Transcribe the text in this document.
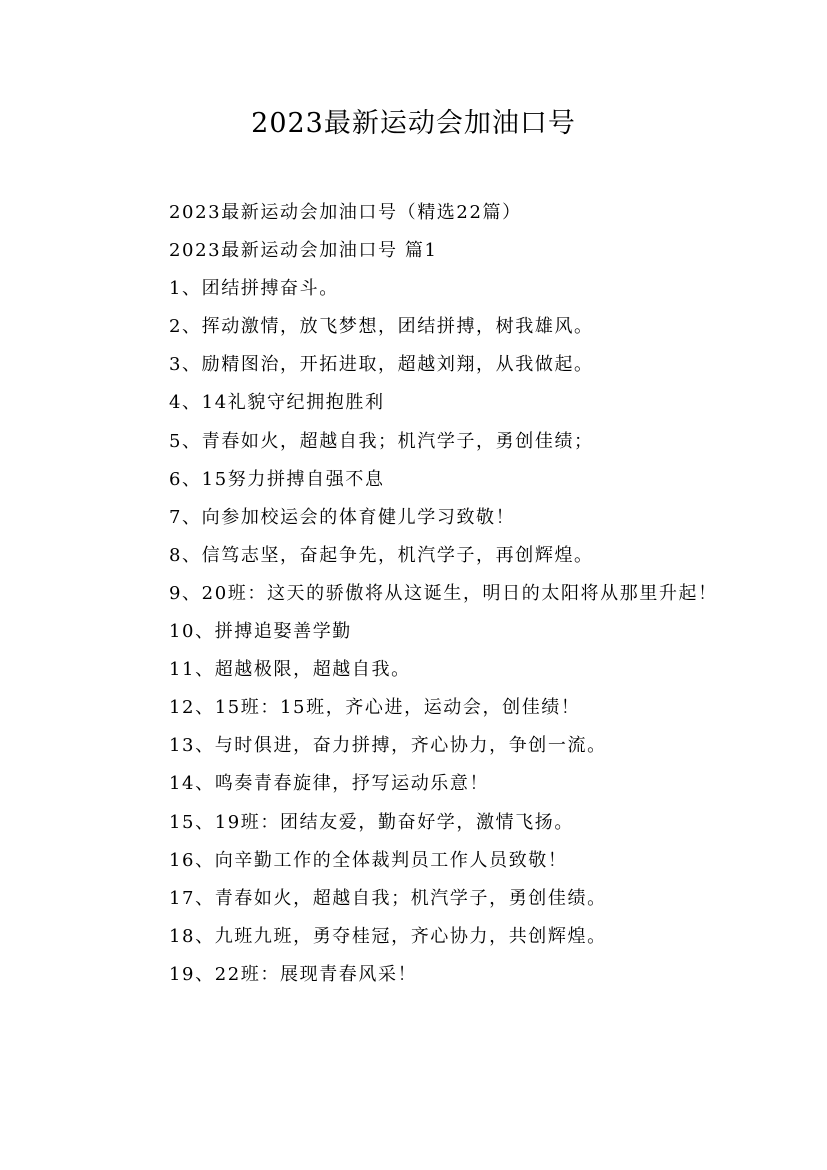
2023最新运动会加油口号

2023最新运动会加油口号（精选22篇）

2023最新运动会加油口号 篇1

1、团结拼搏奋斗。

2、挥动激情，放飞梦想，团结拼搏，树我雄风。

3、励精图治，开拓进取，超越刘翔，从我做起。

4、14礼貌守纪拥抱胜利

5、青春如火，超越自我；机汽学子，勇创佳绩；

6、15努力拼搏自强不息

7、向参加校运会的体育健儿学习致敬！

8、信笃志坚，奋起争先，机汽学子，再创辉煌。

9、20班：这天的骄傲将从这诞生，明日的太阳将从那里升起！

10、拼搏追娶善学勤

11、超越极限，超越自我。

12、15班：15班，齐心进，运动会，创佳绩！

13、与时俱进，奋力拼搏，齐心协力，争创一流。

14、鸣奏青春旋律，抒写运动乐意！

15、19班：团结友爱，勤奋好学，激情飞扬。

16、向辛勤工作的全体裁判员工作人员致敬！

17、青春如火，超越自我；机汽学子，勇创佳绩。

18、九班九班，勇夺桂冠，齐心协力，共创辉煌。

19、22班：展现青春风采！
